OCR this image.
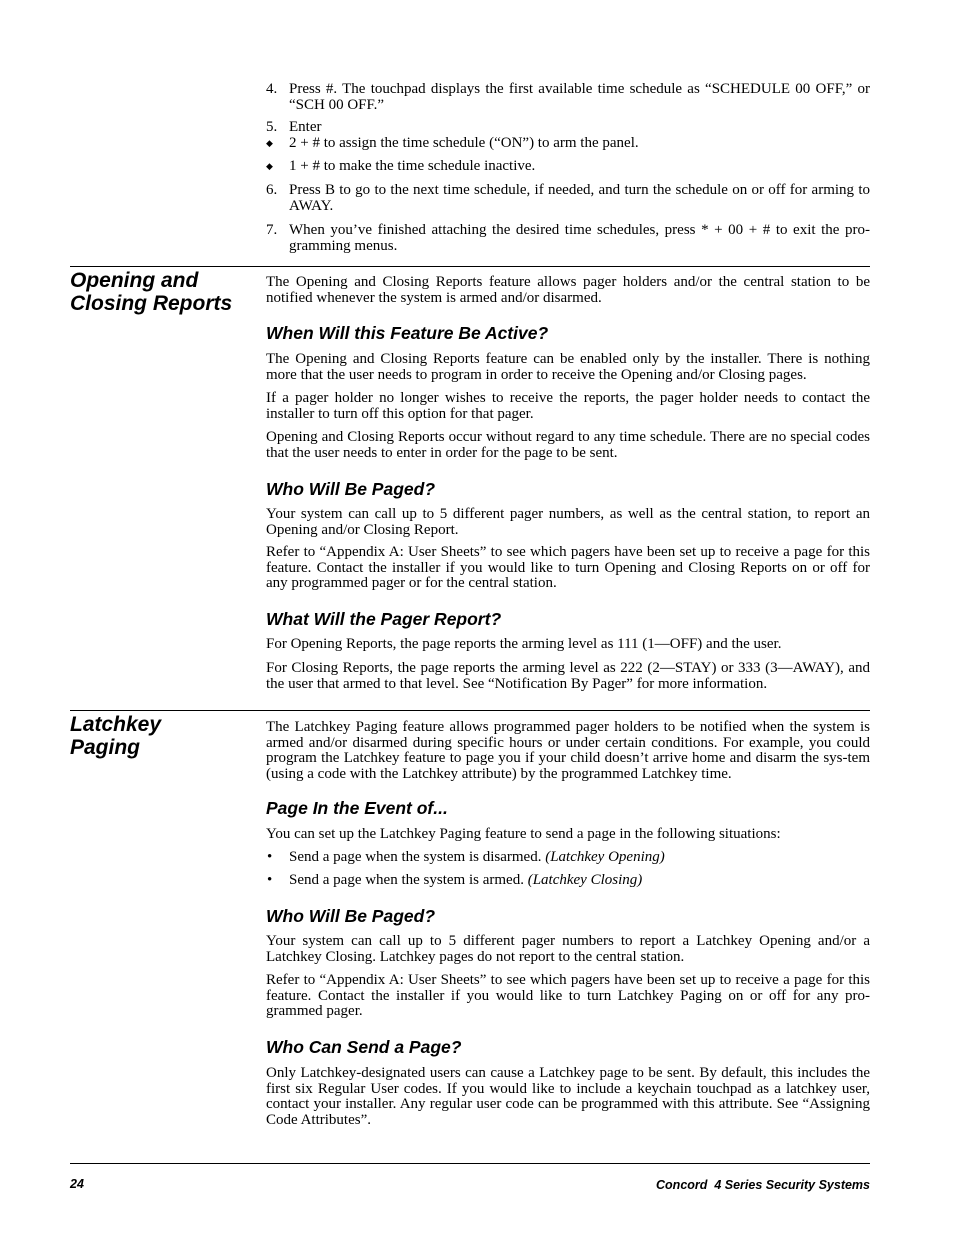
4. Press #. The touchpad displays the first available time schedule as “SCHEDULE 00 OFF,” or “SCH 00 OFF.”
5. Enter
◆ 2 + # to assign the time schedule (“ON”) to arm the panel.
◆ 1 + # to make the time schedule inactive.
6. Press B to go to the next time schedule, if needed, and turn the schedule on or off for arming to AWAY.
7. When you’ve finished attaching the desired time schedules, press * + 00 + # to exit the pro-gramming menus.
Opening and
Closing Reports
The Opening and Closing Reports feature allows pager holders and/or the central station to be notified whenever the system is armed and/or disarmed.
When Will this Feature Be Active?
The Opening and Closing Reports feature can be enabled only by the installer. There is nothing more that the user needs to program in order to receive the Opening and/or Closing pages.
If a pager holder no longer wishes to receive the reports, the pager holder needs to contact the installer to turn off this option for that pager.
Opening and Closing Reports occur without regard to any time schedule. There are no special codes that the user needs to enter in order for the page to be sent.
Who Will Be Paged?
Your system can call up to 5 different pager numbers, as well as the central station, to report an Opening and/or Closing Report.
Refer to “Appendix A: User Sheets” to see which pagers have been set up to receive a page for this feature. Contact the installer if you would like to turn Opening and Closing Reports on or off for any programmed pager or for the central station.
What Will the Pager Report?
For Opening Reports, the page reports the arming level as 111 (1—OFF) and the user.
For Closing Reports, the page reports the arming level as 222 (2—STAY) or 333 (3—AWAY), and the user that armed to that level. See “Notification By Pager” for more information.
Latchkey
Paging
The Latchkey Paging feature allows programmed pager holders to be notified when the system is armed and/or disarmed during specific hours or under certain conditions. For example, you could program the Latchkey feature to page you if your child doesn’t arrive home and disarm the sys-tem (using a code with the Latchkey attribute) by the programmed Latchkey time.
Page In the Event of...
You can set up the Latchkey Paging feature to send a page in the following situations:
• Send a page when the system is disarmed. (Latchkey Opening)
• Send a page when the system is armed. (Latchkey Closing)
Who Will Be Paged?
Your system can call up to 5 different pager numbers to report a Latchkey Opening and/or a Latchkey Closing. Latchkey pages do not report to the central station.
Refer to “Appendix A: User Sheets” to see which pagers have been set up to receive a page for this feature. Contact the installer if you would like to turn Latchkey Paging on or off for any pro-grammed pager.
Who Can Send a Page?
Only Latchkey-designated users can cause a Latchkey page to be sent. By default, this includes the first six Regular User codes. If you would like to include a keychain touchpad as a latchkey user, contact your installer. Any regular user code can be programmed with this attribute. See “Assigning Code Attributes”.
24	Concord  4 Series Security Systems
